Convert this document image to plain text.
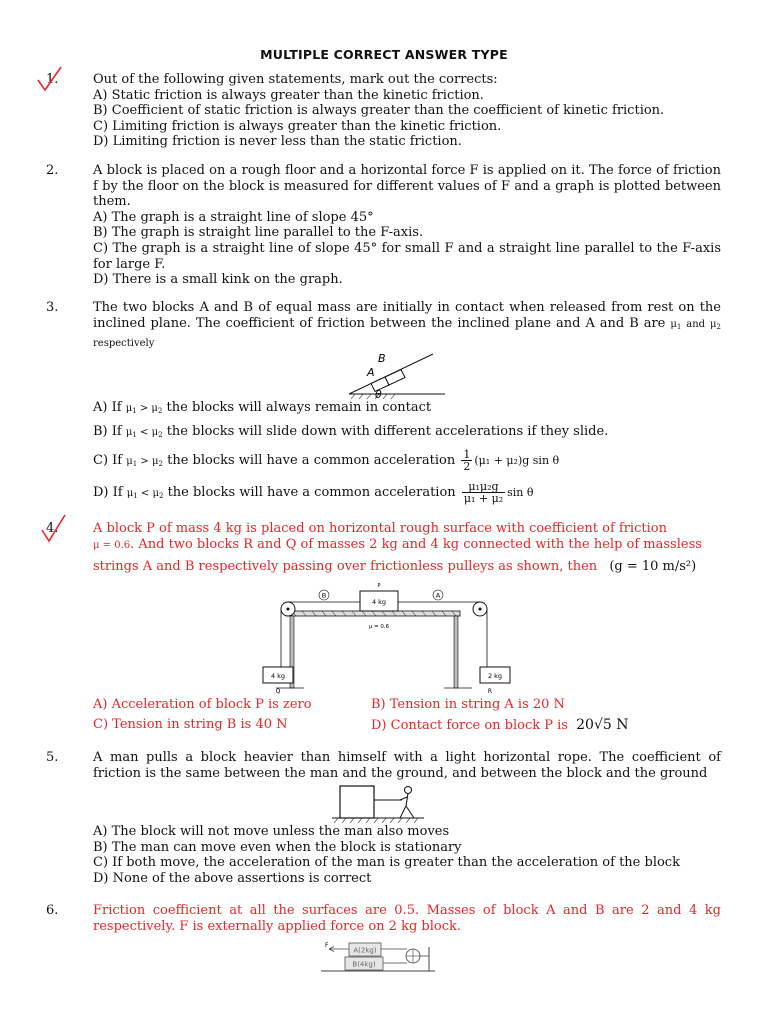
MULTIPLE CORRECT ANSWER TYPE
1.	Out of the following given statements, mark out the corrects:

A) Static friction is always greater than the kinetic friction.

B) Coefficient of static friction is always greater than the coefficient of kinetic friction.

C) Limiting friction is always greater than the kinetic friction.

D) Limiting friction is never less than the static friction.

2.	A block is placed on a rough floor and a horizontal force F is applied on it. The force of friction f by the floor on the block is measured for different values of F and a graph is plotted between them.

A) The graph is a straight line of slope 45°

B) The graph is straight line parallel to the F-axis.

C) The graph is a straight line of slope 45° for small F and a straight line parallel to the F-axis for large F.

D) There is a small kink on the graph.

3.	The two blocks A and B of equal mass are initially in contact when released from rest on the inclined plane. The coefficient of friction between the inclined plane and A and B are $\mu_1$ and $\mu_2$ respectively

A
B
θ

A) If $\mu_1 > \mu_2$ the blocks will always remain in contact

B) If $\mu_1 < \mu_2$ the blocks will slide down with different accelerations if they slide.

C) If $\mu_1 > \mu_2$ the blocks will have a common acceleration $\frac{1}{2} (\mu_1 + \mu_2)g$ sin θ

D) If $\mu_1 < \mu_2$ the blocks will have a common acceleration $\frac{\text{μ₁μ₂g}}{\text{μ₁ + μ₂}}$ sin θ

4.	A block P of mass 4 kg is placed on horizontal rough surface with coefficient of friction

μ = 0.6. And two blocks R and Q of masses 2 kg and 4 kg connected with the help of massless

strings A and B respectively passing over frictionless pulleys as shown, then (g = 10 m/s²)

B	A
P
4 kg
μ = 0.6
4 kg
Q
2 kg
R
A) Acceleration of block P is zero
C) Tension in string B is 40 N
B) Tension in string A is 20 N
D) Contact force on block P is 20√5 N
5.	A man pulls a block heavier than himself with a light horizontal rope. The coefficient of friction is the same between the man and the ground, and between the block and the ground

A) The block will not move unless the man also moves

B) The man can move even when the block is stationary

C) If both move, the acceleration of the man is greater than the acceleration of the block

D) None of the above assertions is correct

6.	Friction coefficient at all the surfaces are 0.5. Masses of block A and B are 2 and 4 kg respectively. F is externally applied force on 2 kg block.

F
A(2kg)
B(4kg)
